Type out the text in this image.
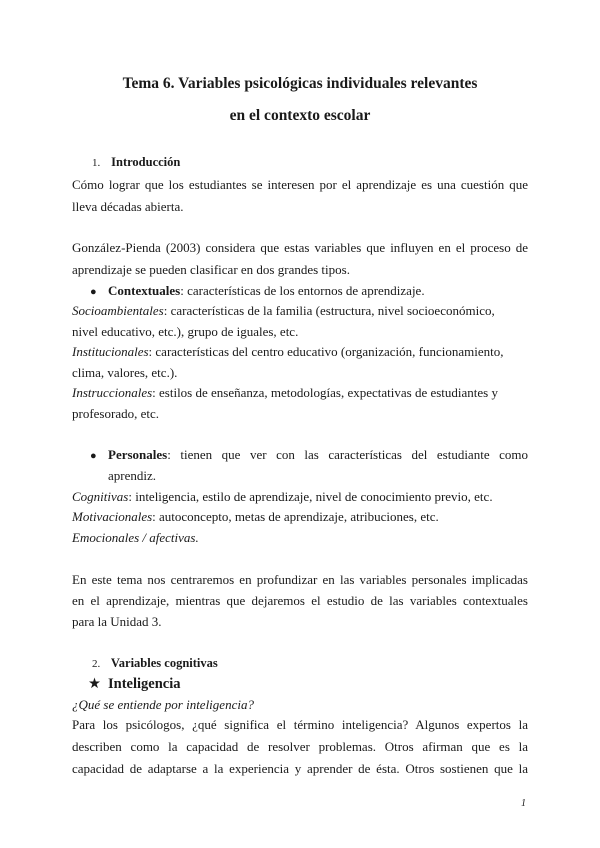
Tema 6. Variables psicológicas individuales relevantes
en el contexto escolar
1. Introducción
Cómo lograr que los estudiantes se interesen por el aprendizaje es una cuestión que
lleva décadas abierta.
González-Pienda (2003) considera que estas variables que influyen en el proceso de
aprendizaje se pueden clasificar en dos grandes tipos.
● Contextuales: características de los entornos de aprendizaje.
Socioambientales: características de la familia (estructura, nivel socioeconómico,
nivel educativo, etc.), grupo de iguales, etc.
Institucionales: características del centro educativo (organización, funcionamiento,
clima, valores, etc.).
Instruccionales: estilos de enseñanza, metodologías, expectativas de estudiantes y
profesorado, etc.
● Personales: tienen que ver con las características del estudiante como
aprendiz.
Cognitivas: inteligencia, estilo de aprendizaje, nivel de conocimiento previo, etc.
Motivacionales: autoconcepto, metas de aprendizaje, atribuciones, etc.
Emocionales / afectivas.
En este tema nos centraremos en profundizar en las variables personales implicadas
en el aprendizaje, mientras que dejaremos el estudio de las variables contextuales
para la Unidad 3.
2. Variables cognitivas
★ Inteligencia
¿Qué se entiende por inteligencia?
Para los psicólogos, ¿qué significa el término inteligencia? Algunos expertos la
describen como la capacidad de resolver problemas. Otros afirman que es la
capacidad de adaptarse a la experiencia y aprender de ésta. Otros sostienen que la
1
